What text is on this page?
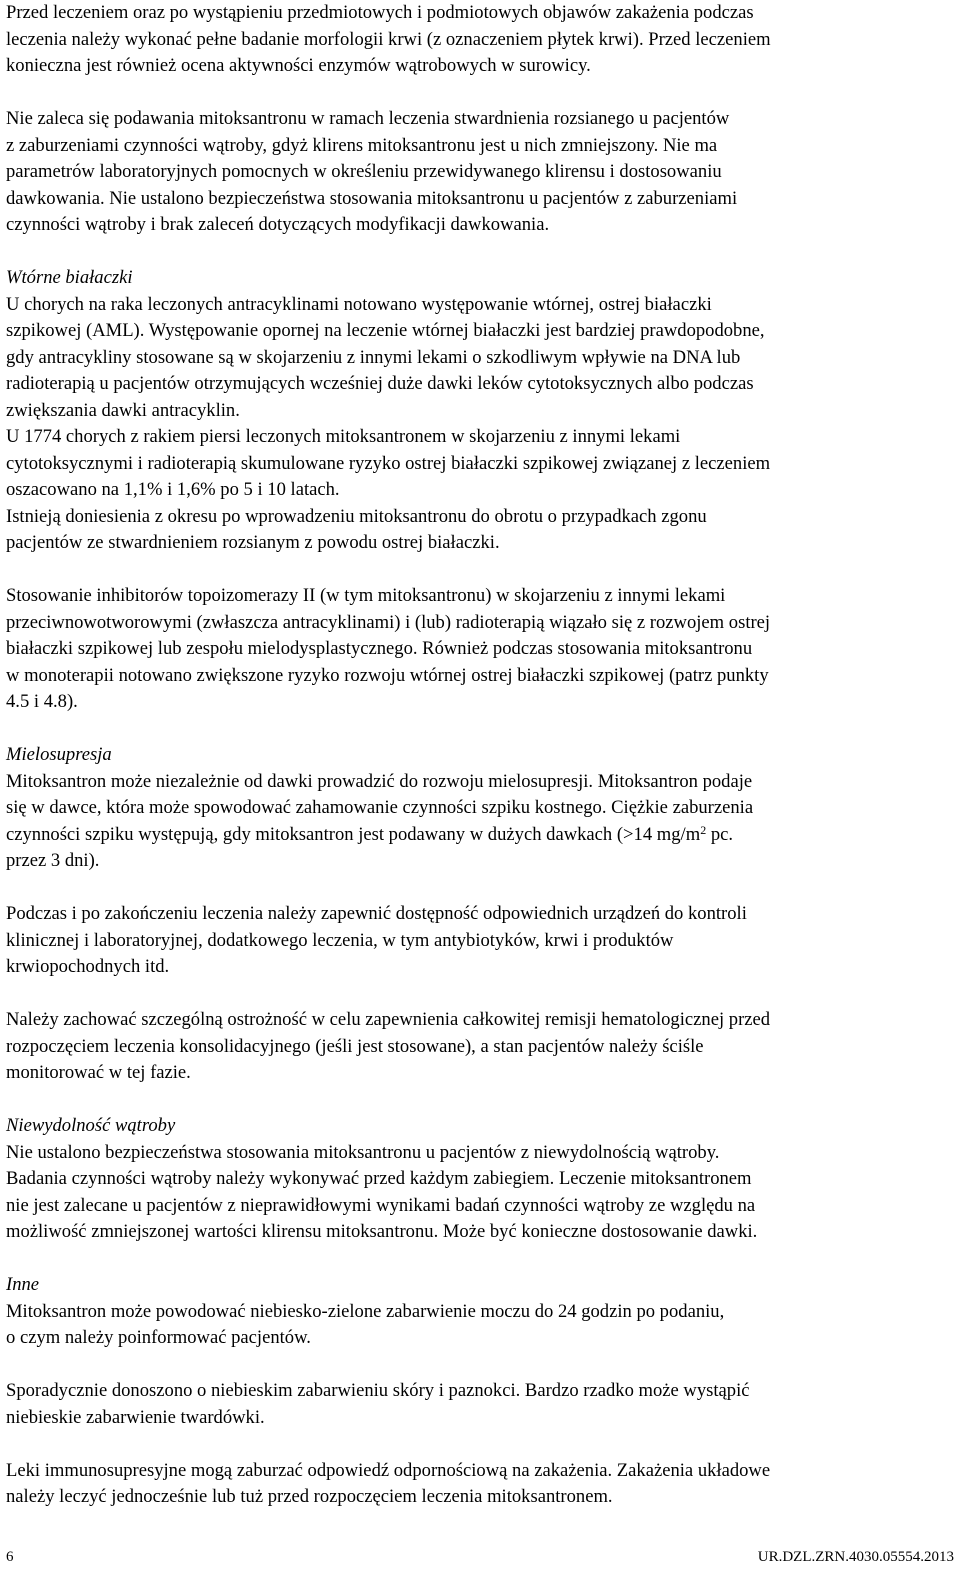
Przed leczeniem oraz po wystąpieniu przedmiotowych i podmiotowych objawów zakażenia podczas
leczenia należy wykonać pełne badanie morfologii krwi (z oznaczeniem płytek krwi). Przed leczeniem
konieczna jest również ocena aktywności enzymów wątrobowych w surowicy.

Nie zaleca się podawania mitoksantronu w ramach leczenia stwardnienia rozsianego u pacjentów
z zaburzeniami czynności wątroby, gdyż klirens mitoksantronu jest u nich zmniejszony. Nie ma
parametrów laboratoryjnych pomocnych w określeniu przewidywanego klirensu i dostosowaniu
dawkowania. Nie ustalono bezpieczeństwa stosowania mitoksantronu u pacjentów z zaburzeniami
czynności wątroby i brak zaleceń dotyczących modyfikacji dawkowania.

Wtórne białaczki

U chorych na raka leczonych antracyklinami notowano występowanie wtórnej, ostrej białaczki
szpikowej (AML). Występowanie opornej na leczenie wtórnej białaczki jest bardziej prawdopodobne,
gdy antracykliny stosowane są w skojarzeniu z innymi lekami o szkodliwym wpływie na DNA lub
radioterapią u pacjentów otrzymujących wcześniej duże dawki leków cytotoksycznych albo podczas
zwiększania dawki antracyklin.

U 1774 chorych z rakiem piersi leczonych mitoksantronem w skojarzeniu z innymi lekami
cytotoksycznymi i radioterapią skumulowane ryzyko ostrej białaczki szpikowej związanej z leczeniem
oszacowano na 1,1% i 1,6% po 5 i 10 latach.

Istnieją doniesienia z okresu po wprowadzeniu mitoksantronu do obrotu o przypadkach zgonu
pacjentów ze stwardnieniem rozsianym z powodu ostrej białaczki.

Stosowanie inhibitorów topoizomerazy II (w tym mitoksantronu) w skojarzeniu z innymi lekami
przeciwnowotworowymi (zwłaszcza antracyklinami) i (lub) radioterapią wiązało się z rozwojem ostrej
białaczki szpikowej lub zespołu mielodysplastycznego. Również podczas stosowania mitoksantronu
w monoterapii notowano zwiększone ryzyko rozwoju wtórnej ostrej białaczki szpikowej (patrz punkty
4.5 i 4.8).

Mielosupresja

Mitoksantron może niezależnie od dawki prowadzić do rozwoju mielosupresji. Mitoksantron podaje
się w dawce, która może spowodować zahamowanie czynności szpiku kostnego. Ciężkie zaburzenia
czynności szpiku występują, gdy mitoksantron jest podawany w dużych dawkach (>14 $mg/m^2$ pc.
przez 3 dni).

Podczas i po zakończeniu leczenia należy zapewnić dostępność odpowiednich urządzeń do kontroli
klinicznej i laboratoryjnej, dodatkowego leczenia, w tym antybiotyków, krwi i produktów
krwiopochodnych itd.

Należy zachować szczególną ostrożność w celu zapewnienia całkowitej remisji hematologicznej przed
rozpoczęciem leczenia konsolidacyjnego (jeśli jest stosowane), a stan pacjentów należy ściśle
monitorować w tej fazie.

Niewydolność wątroby

Nie ustalono bezpieczeństwa stosowania mitoksantronu u pacjentów z niewydolnością wątroby.
Badania czynności wątroby należy wykonywać przed każdym zabiegiem. Leczenie mitoksantronem
nie jest zalecane u pacjentów z nieprawidłowymi wynikami badań czynności wątroby ze względu na
możliwość zmniejszonej wartości klirensu mitoksantronu. Może być konieczne dostosowanie dawki.

Inne

Mitoksantron może powodować niebiesko-zielone zabarwienie moczu do 24 godzin po podaniu,
o czym należy poinformować pacjentów.

Sporadycznie donoszono o niebieskim zabarwieniu skóry i paznokci. Bardzo rzadko może wystąpić
niebieskie zabarwienie twardówki.

Leki immunosupresyjne mogą zaburzać odpowiedź odpornościową na zakażenia. Zakażenia układowe
należy leczyć jednocześnie lub tuż przed rozpoczęciem leczenia mitoksantronem.

6	UR.DZL.ZRN.4030.05554.2013
